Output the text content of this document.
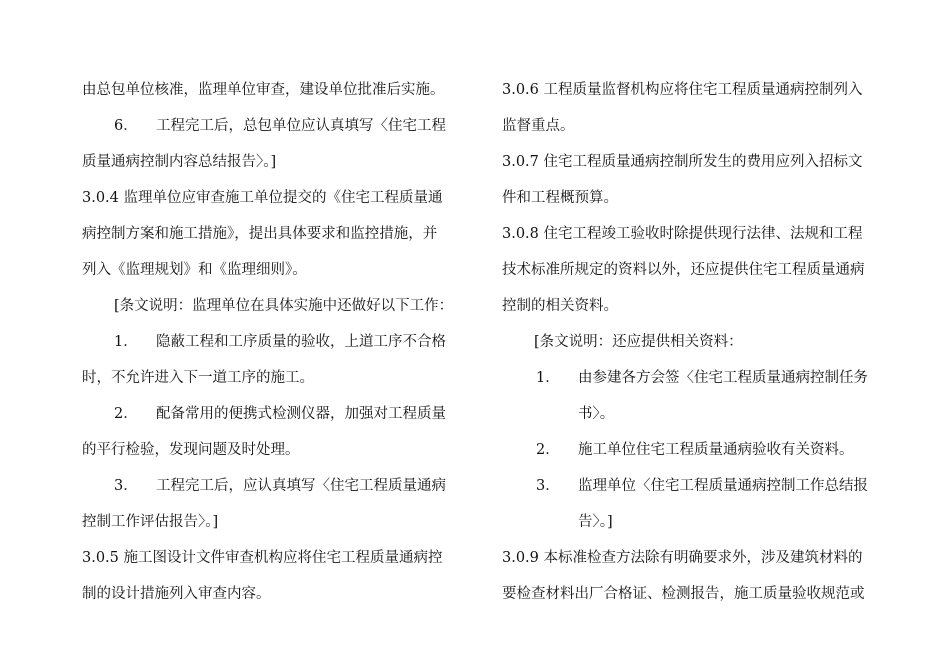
由总包单位核准，监理单位审查，建设单位批准后实施。
6． 工程完工后，总包单位应认真填写〈住宅工程
质量通病控制内容总结报告〉。]
3.0.4 监理单位应审查施工单位提交的《住宅工程质量通
病控制方案和施工措施》，提出具体要求和监控措施，并
列入《监理规划》和《监理细则》。
[条文说明：监理单位在具体实施中还做好以下工作：
1． 隐蔽工程和工序质量的验收，上道工序不合格
时，不允许进入下一道工序的施工。
2． 配备常用的便携式检测仪器，加强对工程质量
的平行检验，发现问题及时处理。
3． 工程完工后，应认真填写〈住宅工程质量通病
控制工作评估报告〉。]
3.0.5 施工图设计文件审查机构应将住宅工程质量通病控
制的设计措施列入审查内容。
3.0.6 工程质量监督机构应将住宅工程质量通病控制列入
监督重点。
3.0.7 住宅工程质量通病控制所发生的费用应列入招标文
件和工程概预算。
3.0.8 住宅工程竣工验收时除提供现行法律、法规和工程
技术标准所规定的资料以外，还应提供住宅工程质量通病
控制的相关资料。
[条文说明：还应提供相关资料：
1． 由参建各方会签〈住宅工程质量通病控制任务
书〉。
2． 施工单位住宅工程质量通病验收有关资料。
3． 监理单位〈住宅工程质量通病控制工作总结报
告〉。]
3.0.9 本标准检查方法除有明确要求外，涉及建筑材料的
要检查材料出厂合格证、检测报告，施工质量验收规范或
